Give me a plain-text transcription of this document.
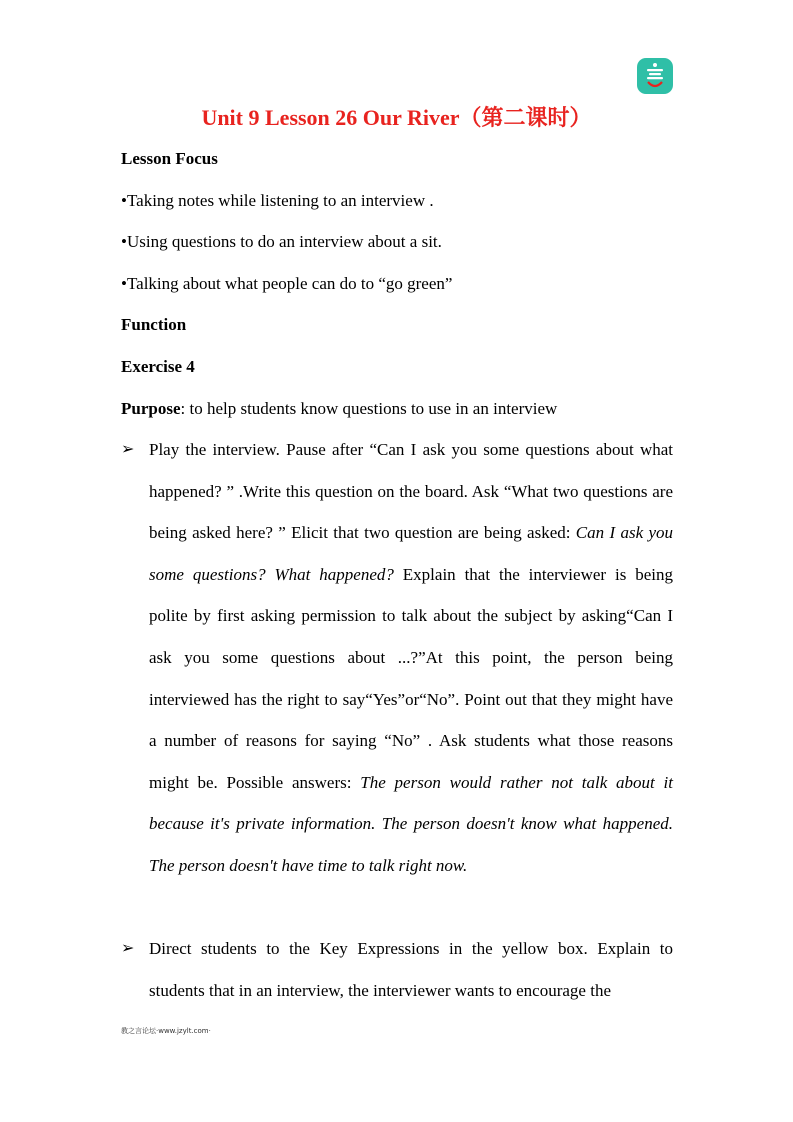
Unit 9 Lesson 26 Our River（第二课时）
Lesson Focus
•Taking notes while listening to an interview .
•Using questions to do an interview about a sit.
•Talking about what people can do to “go green”
Function
Exercise 4
Purpose: to help students know questions to use in an interview
➢ Play the interview. Pause after “Can I ask you some questions about what happened? ” .Write this question on the board. Ask “What two questions are being asked here? ” Elicit that two question are being asked: Can I ask you some questions? What happened? Explain that the interviewer is being polite by first asking permission to talk about the subject by asking“Can I ask you some questions about ...?”At this point, the person being interviewed has the right to say“Yes”or“No”. Point out that they might have a number of reasons for saying “No” . Ask students what those reasons might be. Possible answers: The person would rather not talk about it because it's private information. The person doesn't know what happened. The person doesn't have time to talk right now.
➢ Direct students to the Key Expressions in the yellow box. Explain to students that in an interview, the interviewer wants to encourage the
教之言论坛·www.jzylt.com·
